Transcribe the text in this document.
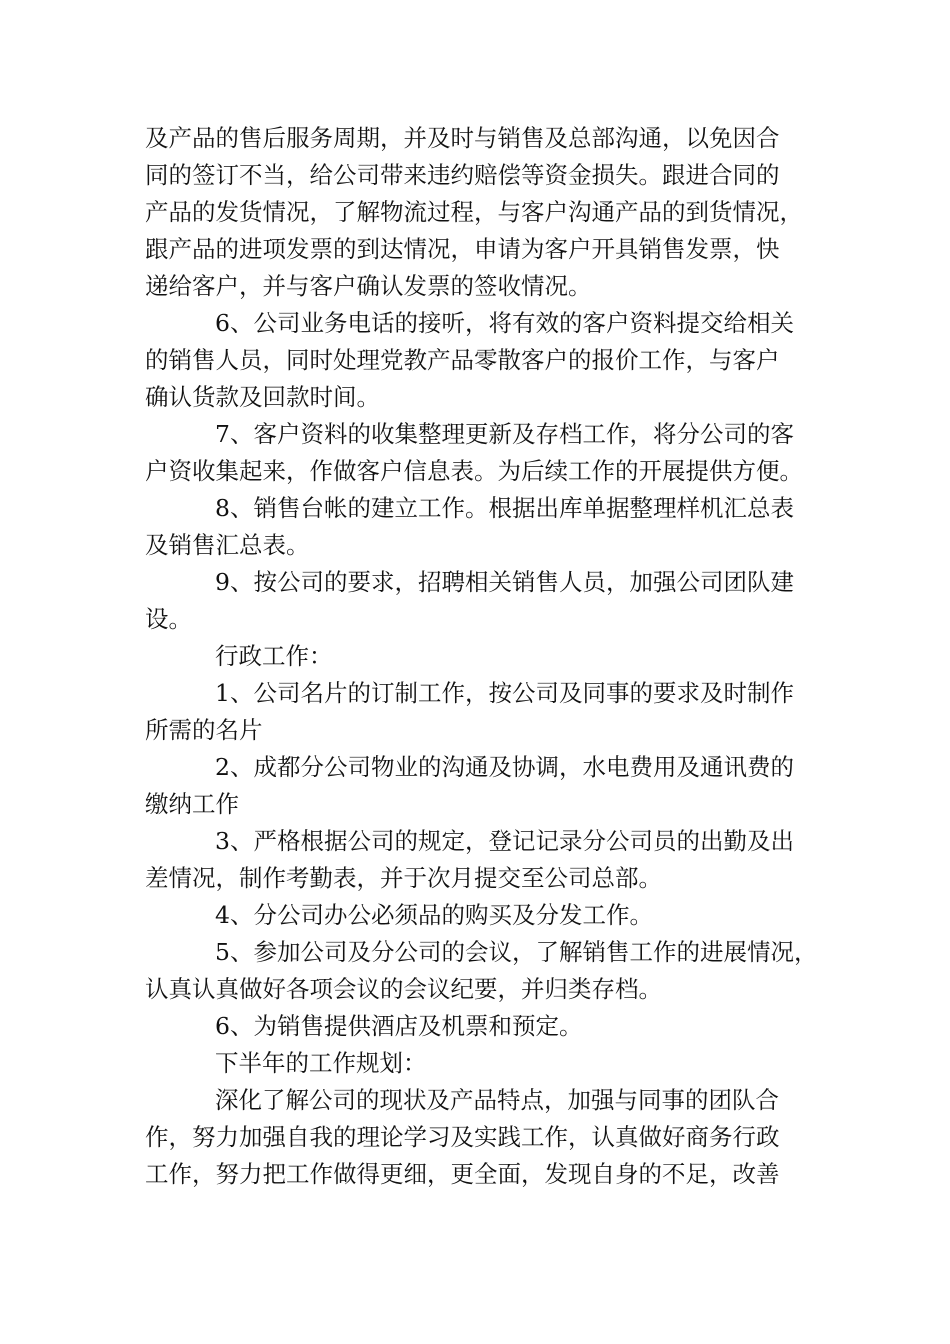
及产品的售后服务周期，并及时与销售及总部沟通，以免因合
同的签订不当，给公司带来违约赔偿等资金损失。跟进合同的
产品的发货情况，了解物流过程，与客户沟通产品的到货情况，
跟产品的进项发票的到达情况，申请为客户开具销售发票，快
递给客户，并与客户确认发票的签收情况。
6、公司业务电话的接听，将有效的客户资料提交给相关
的销售人员，同时处理党教产品零散客户的报价工作，与客户
确认货款及回款时间。
7、客户资料的收集整理更新及存档工作，将分公司的客
户资收集起来，作做客户信息表。为后续工作的开展提供方便。
8、销售台帐的建立工作。根据出库单据整理样机汇总表
及销售汇总表。
9、按公司的要求，招聘相关销售人员，加强公司团队建
设。
行政工作：
1、公司名片的订制工作，按公司及同事的要求及时制作
所需的名片
2、成都分公司物业的沟通及协调，水电费用及通讯费的
缴纳工作
3、严格根据公司的规定，登记记录分公司员的出勤及出
差情况，制作考勤表，并于次月提交至公司总部。
4、分公司办公必须品的购买及分发工作。
5、参加公司及分公司的会议，了解销售工作的进展情况，
认真认真做好各项会议的会议纪要，并归类存档。
6、为销售提供酒店及机票和预定。
下半年的工作规划：
深化了解公司的现状及产品特点，加强与同事的团队合
作，努力加强自我的理论学习及实践工作，认真做好商务行政
工作，努力把工作做得更细，更全面，发现自身的不足，改善
